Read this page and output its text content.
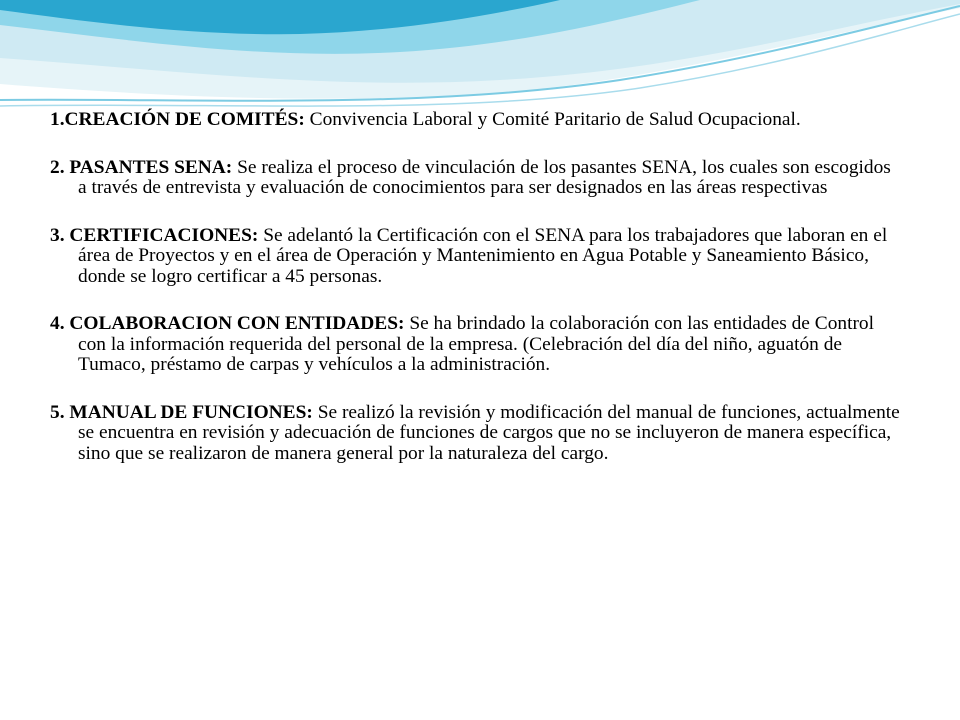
1.CREACIÓN DE COMITÉS: Convivencia Laboral y Comité Paritario de Salud Ocupacional.

2. PASANTES SENA: Se realiza el proceso de vinculación de los pasantes SENA, los cuales son escogidos a través de entrevista y evaluación de conocimientos para ser designados en las áreas respectivas

3. CERTIFICACIONES: Se adelantó la Certificación con el SENA para los trabajadores que laboran en el área de Proyectos y en el área de Operación y Mantenimiento en Agua Potable y Saneamiento Básico, donde se logro certificar a 45 personas.

4. COLABORACION CON ENTIDADES: Se ha brindado la colaboración con las entidades de Control con la información requerida del personal de la empresa. (Celebración del día del niño, aguatón de Tumaco, préstamo de carpas y vehículos a la administración.

5. MANUAL DE FUNCIONES: Se realizó la revisión y modificación del manual de funciones, actualmente se encuentra en revisión y adecuación de funciones de cargos que no se incluyeron de manera específica, sino que se realizaron de manera general por la naturaleza del cargo.
